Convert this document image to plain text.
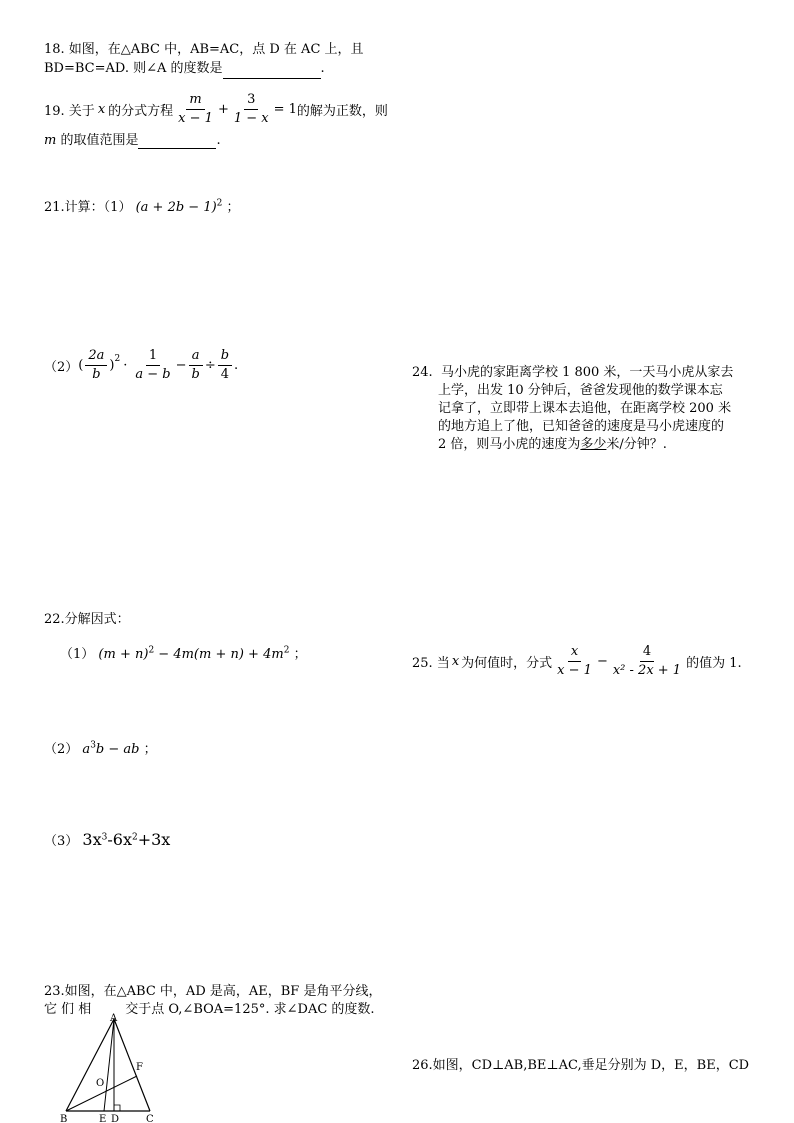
18. 如图，在△ABC 中，AB=AC，点 D 在 AC 上，且
BD=BC=AD. 则∠A 的度数是	.
19. 关于 x 的分式方程 $\frac{m}{x - 1} + \frac{3}{1 - x} = 1$ 的解为正数，则
m 的取值范围是	.
21.计算：（1） $(a + 2b - 1)^2$ ；
（2） ( $\frac{2a}{b}$ ) $2 \cdot \frac{1}{a - b} - \frac{a}{b} \div \frac{b}{4}$ .	24. 马小虎的家距离学校 1 800 米，一天马小虎从家去
上学，出发 10 分钟后，爸爸发现他的数学课本忘
记拿了，立即带上课本去追他，在距离学校 200 米
的地方追上了他，已知爸爸的速度是马小虎速度的
2 倍，则马小虎的速度为多少米/分钟？.
22.分解因式：
（1） $(m + n)^2 - 4m(m + n) + 4m^2$ ；
（2） $a^3b$ − ab ；
（3） $3x^3-6x^2+3x$
25. 当 x 为何值时，分式 $\frac{x}{x - 1} - \frac{4}{\text{x² - 2x + 1}}$ 的值为 1.
23.如图，在△ABC 中，AD 是高，AE，BF 是角平分线，
它 们 相	交于点 O,∠BOA=125°. 求∠DAC 的度数.
A
B	C
D
E
F
O
26.如图，CD⊥AB,BE⊥AC,垂足分别为 D，E，BE，CD
